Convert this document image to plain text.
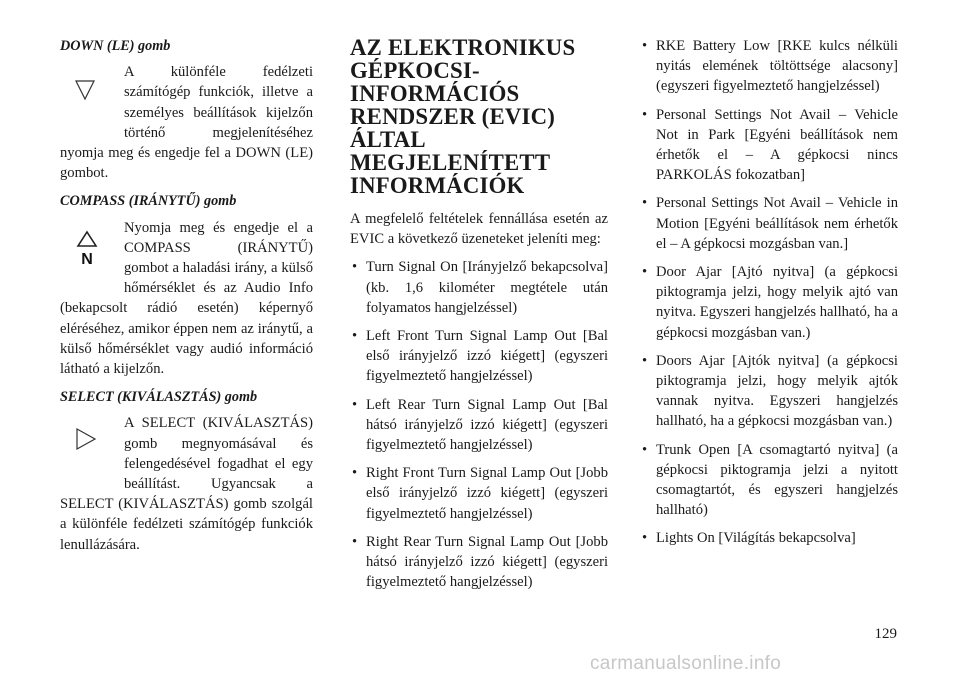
DOWN (LE) gomb

A különféle fedélzeti számítógép funkciók, illetve a személyes beállítások kijelzőn történő megjelenítéséhez nyomja meg és engedje fel a DOWN (LE) gombot.

COMPASS (IRÁNYTŰ) gomb

N

Nyomja meg és engedje el a COMPASS (IRÁNYTŰ) gombot a haladási irány, a külső hőmérséklet és az Audio Info (bekapcsolt rádió esetén) képernyő eléréséhez, amikor éppen nem az iránytű, a külső hőmérséklet vagy audió információ látható a kijelzőn.

SELECT (KIVÁLASZTÁS) gomb

A SELECT (KIVÁLASZTÁS) gomb megnyomásával és felengedésével fogadhat el egy beállítást. Ugyancsak a SELECT (KIVÁLASZTÁS) gomb szolgál a különféle fedélzeti számítógép funkciók lenullázására.

AZ ELEKTRONIKUS GÉPKOCSI-INFORMÁCIÓS RENDSZER (EVIC) ÁLTAL MEGJELENÍTETT INFORMÁCIÓK

A megfelelő feltételek fennállása esetén az EVIC a következő üzeneteket jeleníti meg:

• Turn Signal On [Irányjelző bekapcsolva] (kb. 1,6 kilométer megtétele után folyamatos hangjelzéssel)
• Left Front Turn Signal Lamp Out [Bal első irányjelző izzó kiégett] (egyszeri figyelmeztető hangjelzéssel)
• Left Rear Turn Signal Lamp Out [Bal hátsó irányjelző izzó kiégett] (egyszeri figyelmeztető hangjelzéssel)
• Right Front Turn Signal Lamp Out [Jobb első irányjelző izzó kiégett] (egyszeri figyelmeztető hangjelzéssel)
• Right Rear Turn Signal Lamp Out [Jobb hátsó irányjelző izzó kiégett] (egyszeri figyelmeztető hangjelzéssel)
• RKE Battery Low [RKE kulcs nélküli nyitás elemének töltöttsége alacsony] (egyszeri figyelmeztető hangjelzéssel)
• Personal Settings Not Avail – Vehicle Not in Park [Egyéni beállítások nem érhetők el – A gépkocsi nincs PARKOLÁS fokozatban]
• Personal Settings Not Avail – Vehicle in Motion [Egyéni beállítások nem érhetők el – A gépkocsi mozgásban van.]
• Door Ajar [Ajtó nyitva] (a gépkocsi piktogramja jelzi, hogy melyik ajtó van nyitva. Egyszeri hangjelzés hallható, ha a gépkocsi mozgásban van.)
• Doors Ajar [Ajtók nyitva] (a gépkocsi piktogramja jelzi, hogy melyik ajtók vannak nyitva. Egyszeri hangjelzés hallható, ha a gépkocsi mozgásban van.)
• Trunk Open [A csomagtartó nyitva] (a gépkocsi piktogramja jelzi a nyitott csomagtartót, és egyszeri hangjelzés hallható)
• Lights On [Világítás bekapcsolva]
129
carmanualsonline.info
